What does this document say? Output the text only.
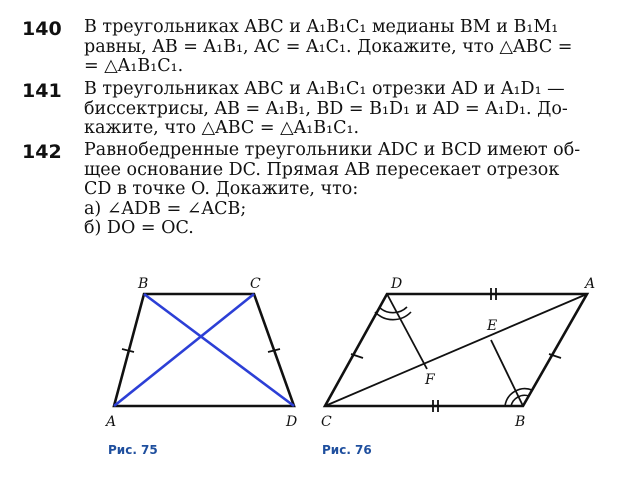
140 В треугольниках ABC и A₁B₁C₁ медианы BM и B₁M₁
равны, AB = A₁B₁, AC = A₁C₁. Докажите, что △ABC =
= △A₁B₁C₁.
141 В треугольниках ABC и A₁B₁C₁ отрезки AD и A₁D₁ —
биссектрисы, AB = A₁B₁, BD = B₁D₁ и AD = A₁D₁. До-
кажите, что △ABC = △A₁B₁C₁.
142 Равнобедренные треугольники ADC и BCD имеют об-
щее основание DC. Прямая AB пересекает отрезок
CD в точке O. Докажите, что:
а) ∠ADB = ∠ACB;
б) DO = OC.
B	C
A	D
Рис. 75
D	A
C	B
E
F
Рис. 76
